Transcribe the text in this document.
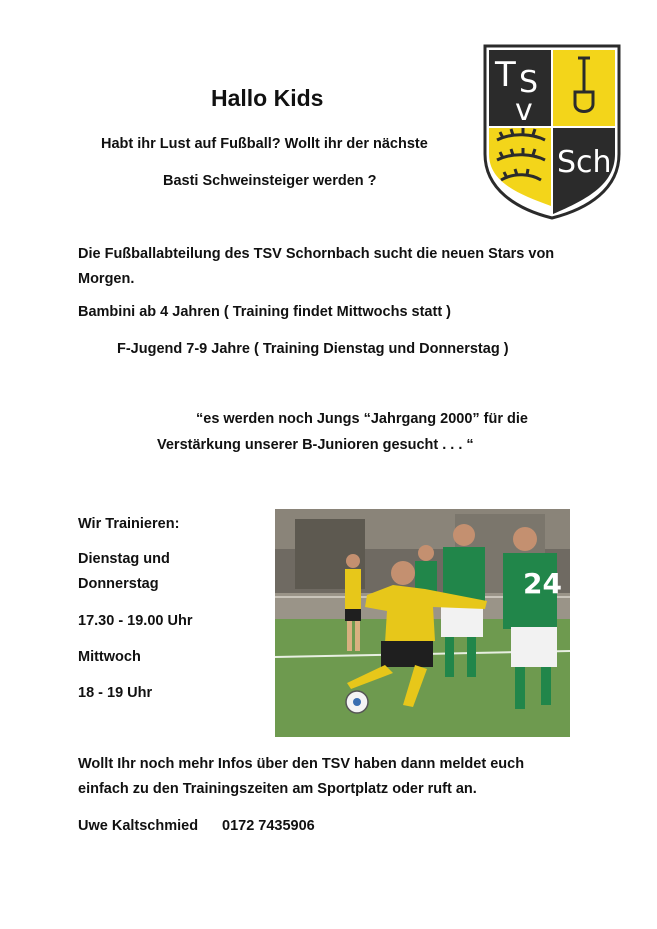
Hallo Kids
Habt ihr Lust auf Fußball? Wollt ihr der nächste
Basti Schweinsteiger werden ?
T S
v
Sch
Die Fußballabteilung des TSV Schornbach sucht die neuen Stars von Morgen.
Bambini ab 4 Jahren ( Training findet Mittwochs statt )
F-Jugend 7-9 Jahre ( Training Dienstag und Donnerstag )
“es werden noch Jungs “Jahrgang 2000” für die
Verstärkung unserer B-Junioren gesucht . . . “
Wir Trainieren:
Dienstag und
Donnerstag
17.30 - 19.00 Uhr
Mittwoch
18 - 19 Uhr
24
Wollt Ihr noch mehr Infos über den TSV haben dann meldet euch
einfach zu den Trainingszeiten am Sportplatz oder ruft an.
Uwe Kaltschmied 0172 7435906
